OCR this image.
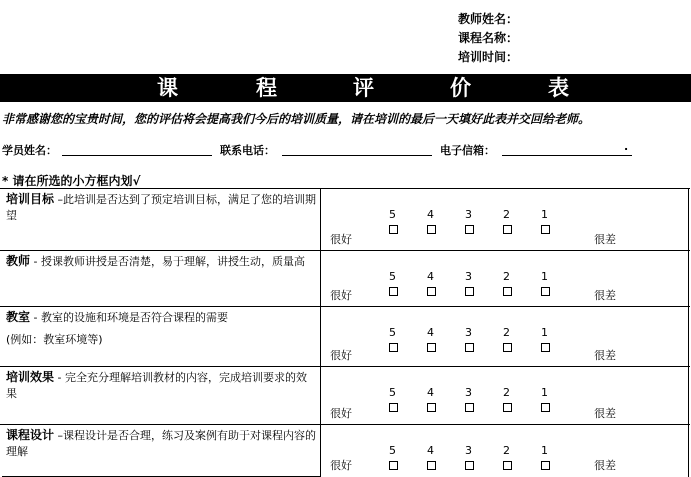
教师姓名：
课程名称：
培训时间：
课	程	评	价	表
非常感谢您的宝贵时间，您的评估将会提高我们今后的培训质量，请在培训的最后一天填好此表并交回给老师。
学员姓名：	联系电话：	电子信箱：	.
* 请在所选的小方框内划√
培训目标 –此培训是否达到了预定培训目标，满足了您的培训期望	5	4	3	2	1
很好	很差
教师 - 授课教师讲授是否清楚，易于理解，讲授生动，质量高
5	4	3	2	1
很好	很差
教室 - 教室的设施和环境是否符合课程的需要
(例如：教室环境等)
5	4	3	2	1
很好	很差
培训效果 - 完全充分理解培训教材的内容，完成培训要求的效果	5	4	3	2	1
很好	很差
课程设计 –课程设计是否合理，练习及案例有助于对课程内容的理解	5	4	3	2	1
很好	很差
